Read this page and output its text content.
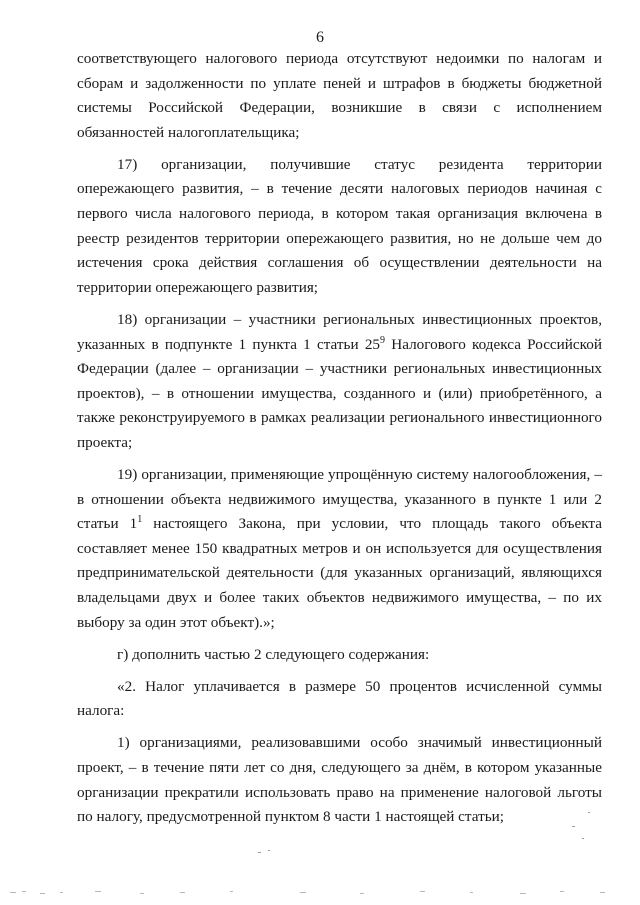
6

соответствующего налогового периода отсутствуют недоимки по налогам и сборам и задолженности по уплате пеней и штрафов в бюджеты бюджетной системы Российской Федерации, возникшие в связи с исполнением обязанностей налогоплательщика;

17) организации, получившие статус резидента территории опережающего развития, – в течение десяти налоговых периодов начиная с первого числа налогового периода, в котором такая организация включена в реестр резидентов территории опережающего развития, но не дольше чем до истечения срока действия соглашения об осуществлении деятельности на территории опережающего развития;

18) организации – участники региональных инвестиционных проектов, указанных в подпункте 1 пункта 1 статьи $25^9$ Налогового кодекса Российской Федерации (далее – организации – участники региональных инвестиционных проектов), – в отношении имущества, созданного и (или) приобретённого, а также реконструируемого в рамках реализации регионального инвестиционного проекта;

19) организации, применяющие упрощённую систему налогообложения, – в отношении объекта недвижимого имущества, указанного в пункте 1 или 2 статьи $1^1$ настоящего Закона, при условии, что площадь такого объекта составляет менее 150 квадратных метров и он используется для осуществления предпринимательской деятельности (для указанных организаций, являющихся владельцами двух и более таких объектов недвижимого имущества, – по их выбору за один этот объект).»;

г) дополнить частью 2 следующего содержания:

«2. Налог уплачивается в размере 50 процентов исчисленной суммы налога:

1) организациями, реализовавшими особо значимый инвестиционный проект, – в течение пяти лет со дня, следующего за днём, в котором указанные организации прекратили использовать право на применение налоговой льготы по налогу, предусмотренной пунктом 8 части 1 настоящей статьи;
